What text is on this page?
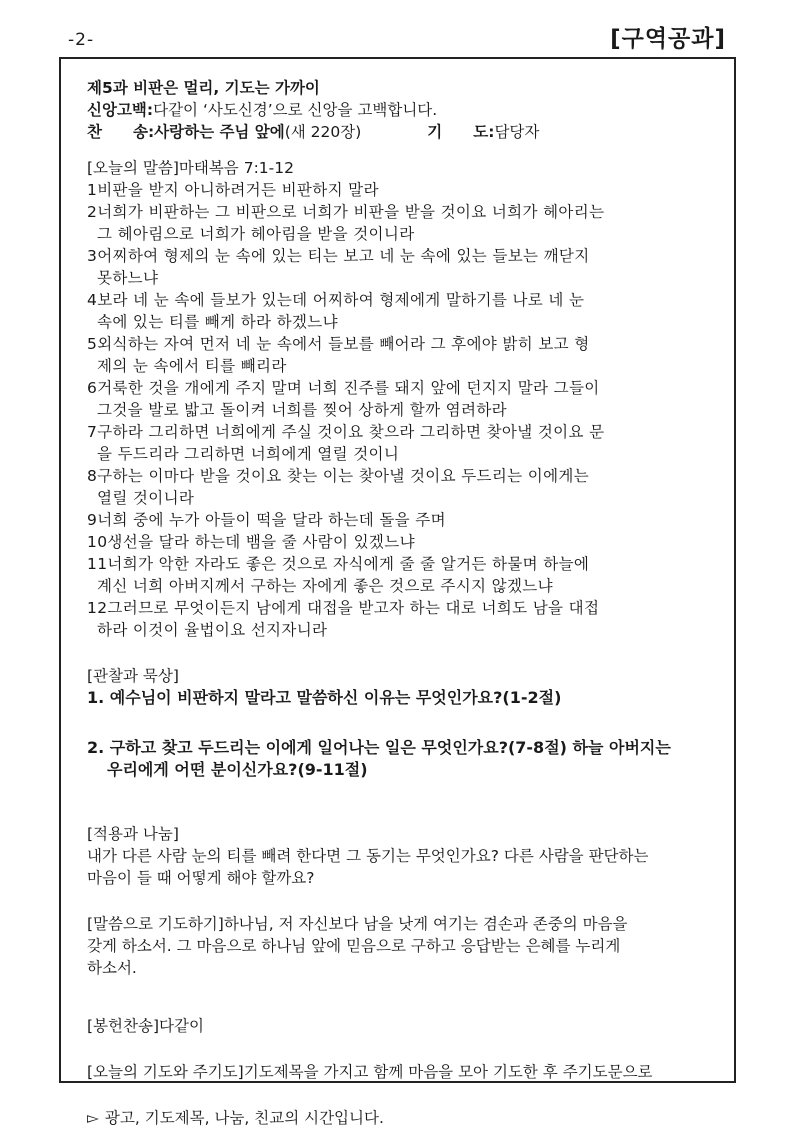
-2-	[구역공과]
제5과 비판은 멀리, 기도는 가까이
신앙고백: 다같이 ‘사도신경’으로 신앙을 고백합니다.
찬　　송: 사랑하는 주님 앞에 (새 220장)	기　　도: 담당자
[오늘의 말씀] 마태복음 7:1-12
1비판을 받지 아니하려거든 비판하지 말라
2너희가 비판하는 그 비판으로 너희가 비판을 받을 것이요 너희가 헤아리는
그 헤아림으로 너희가 헤아림을 받을 것이니라
3어찌하여 형제의 눈 속에 있는 티는 보고 네 눈 속에 있는 들보는 깨닫지
못하느냐
4보라 네 눈 속에 들보가 있는데 어찌하여 형제에게 말하기를 나로 네 눈
속에 있는 티를 빼게 하라 하겠느냐
5외식하는 자여 먼저 네 눈 속에서 들보를 빼어라 그 후에야 밝히 보고 형
제의 눈 속에서 티를 빼리라
6거룩한 것을 개에게 주지 말며 너희 진주를 돼지 앞에 던지지 말라 그들이
그것을 발로 밟고 돌이켜 너희를 찢어 상하게 할까 염려하라
7구하라 그리하면 너희에게 주실 것이요 찾으라 그리하면 찾아낼 것이요 문
을 두드리라 그리하면 너희에게 열릴 것이니
8구하는 이마다 받을 것이요 찾는 이는 찾아낼 것이요 두드리는 이에게는
열릴 것이니라
9너희 중에 누가 아들이 떡을 달라 하는데 돌을 주며
10생선을 달라 하는데 뱀을 줄 사람이 있겠느냐
11너희가 악한 자라도 좋은 것으로 자식에게 줄 줄 알거든 하물며 하늘에
계신 너희 아버지께서 구하는 자에게 좋은 것으로 주시지 않겠느냐
12그러므로 무엇이든지 남에게 대접을 받고자 하는 대로 너희도 남을 대접
하라 이것이 율법이요 선지자니라
[관찰과 묵상]
1. 예수님이 비판하지 말라고 말씀하신 이유는 무엇인가요?(1-2절)
2. 구하고 찾고 두드리는 이에게 일어나는 일은 무엇인가요?(7-8절) 하늘 아버지는
우리에게 어떤 분이신가요?(9-11절)
[적용과 나눔]
내가 다른 사람 눈의 티를 빼려 한다면 그 동기는 무엇인가요? 다른 사람을 판단하는
마음이 들 때 어떻게 해야 할까요?
[말씀으로 기도하기] 하나님, 저 자신보다 남을 낫게 여기는 겸손과 존중의 마음을
갖게 하소서. 그 마음으로 하나님 앞에 믿음으로 구하고 응답받는 은혜를 누리게
하소서.
[봉헌찬송] 다같이
[오늘의 기도와 주기도] 기도제목을 가지고 함께 마음을 모아 기도한 후 주기도문으로
▻ 광고, 기도제목, 나눔, 친교의 시간입니다.
